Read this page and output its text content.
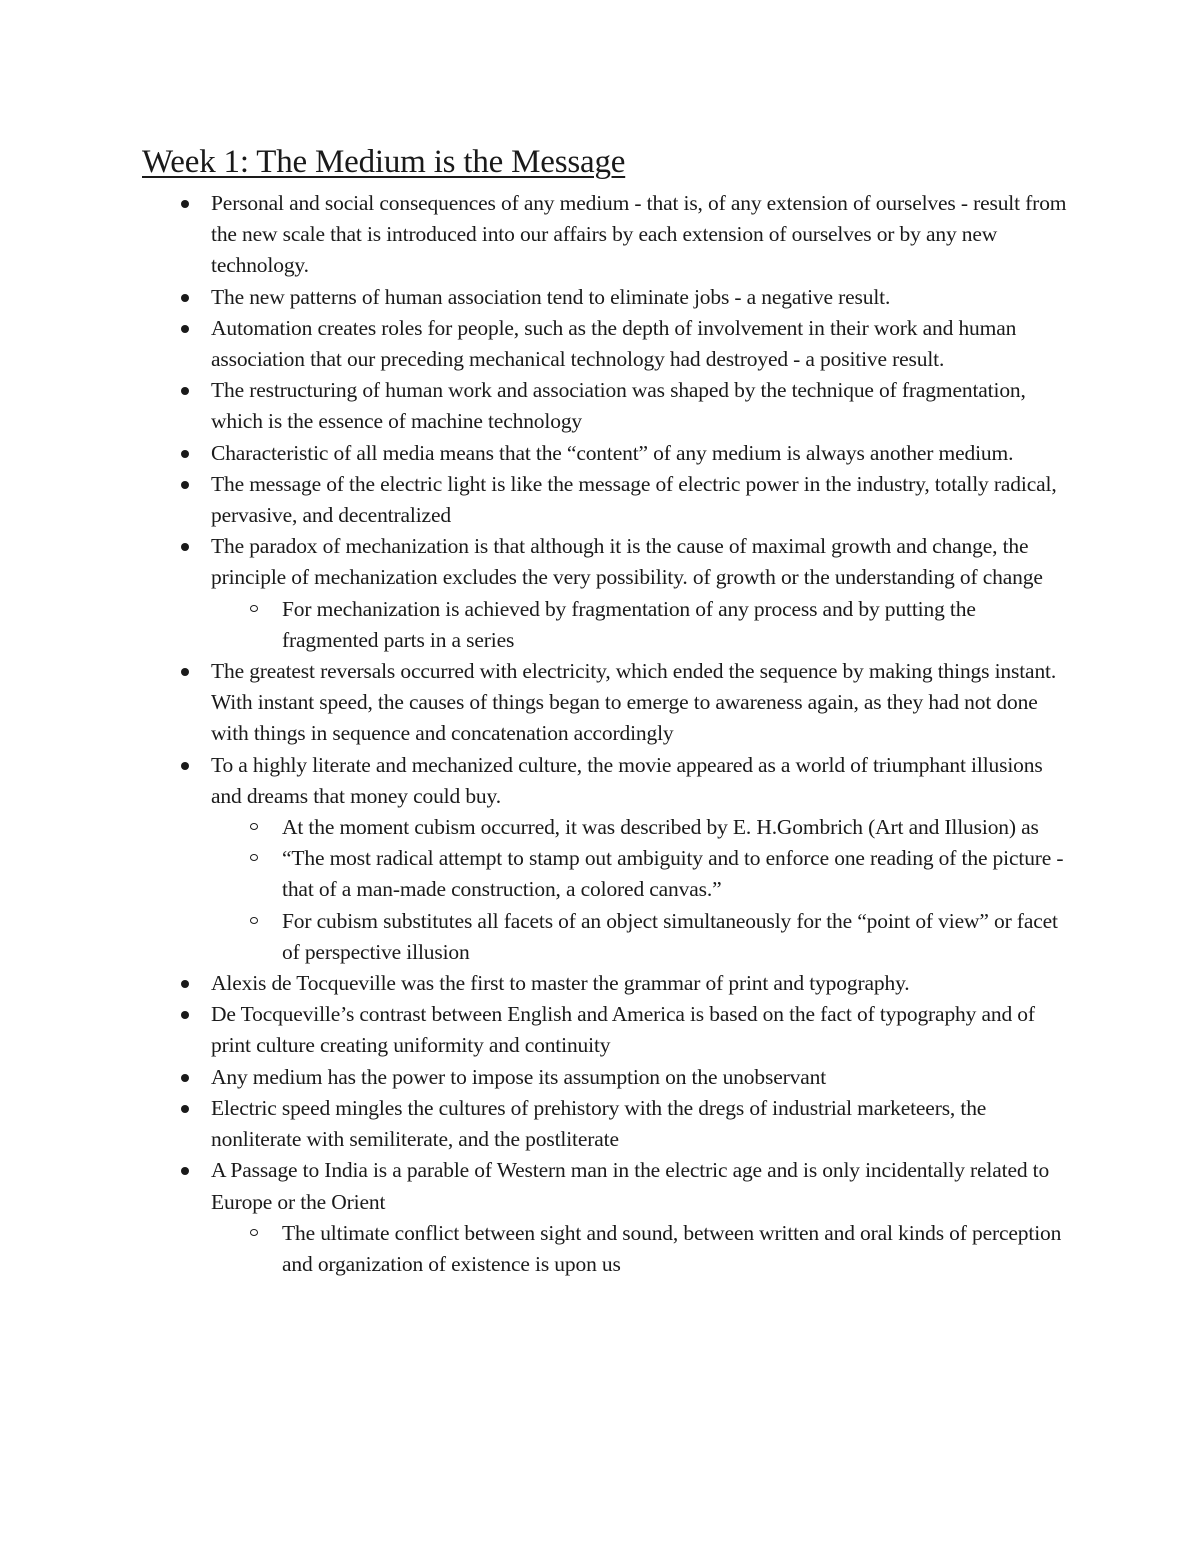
Week 1: The Medium is the Message
Personal and social consequences of any medium - that is, of any extension of ourselves - result from the new scale that is introduced into our affairs by each extension of ourselves or by any new technology.
The new patterns of human association tend to eliminate jobs - a negative result.
Automation creates roles for people, such as the depth of involvement in their work and human association that our preceding mechanical technology had destroyed - a positive result.
The restructuring of human work and association was shaped by the technique of fragmentation, which is the essence of machine technology
Characteristic of all media means that the “content” of any medium is always another medium.
The message of the electric light is like the message of electric power in the industry, totally radical, pervasive, and decentralized
The paradox of mechanization is that although it is the cause of maximal growth and change, the principle of mechanization excludes the very possibility. of growth or the understanding of change
For mechanization is achieved by fragmentation of any process and by putting the fragmented parts in a series
The greatest reversals occurred with electricity, which ended the sequence by making things instant. With instant speed, the causes of things began to emerge to awareness again, as they had not done with things in sequence and concatenation accordingly
To a highly literate and mechanized culture, the movie appeared as a world of triumphant illusions and dreams that money could buy.
At the moment cubism occurred, it was described by E. H.Gombrich (Art and Illusion) as
“The most radical attempt to stamp out ambiguity and to enforce one reading of the picture - that of a man-made construction, a colored canvas.”
For cubism substitutes all facets of an object simultaneously for the “point of view” or facet of perspective illusion
Alexis de Tocqueville was the first to master the grammar of print and typography.
De Tocqueville’s contrast between English and America is based on the fact of typography and of print culture creating uniformity and continuity
Any medium has the power to impose its assumption on the unobservant
Electric speed mingles the cultures of prehistory with the dregs of industrial marketeers, the nonliterate with semiliterate, and the postliterate
A Passage to India is a parable of Western man in the electric age and is only incidentally related to Europe or the Orient
The ultimate conflict between sight and sound, between written and oral kinds of perception and organization of existence is upon us
